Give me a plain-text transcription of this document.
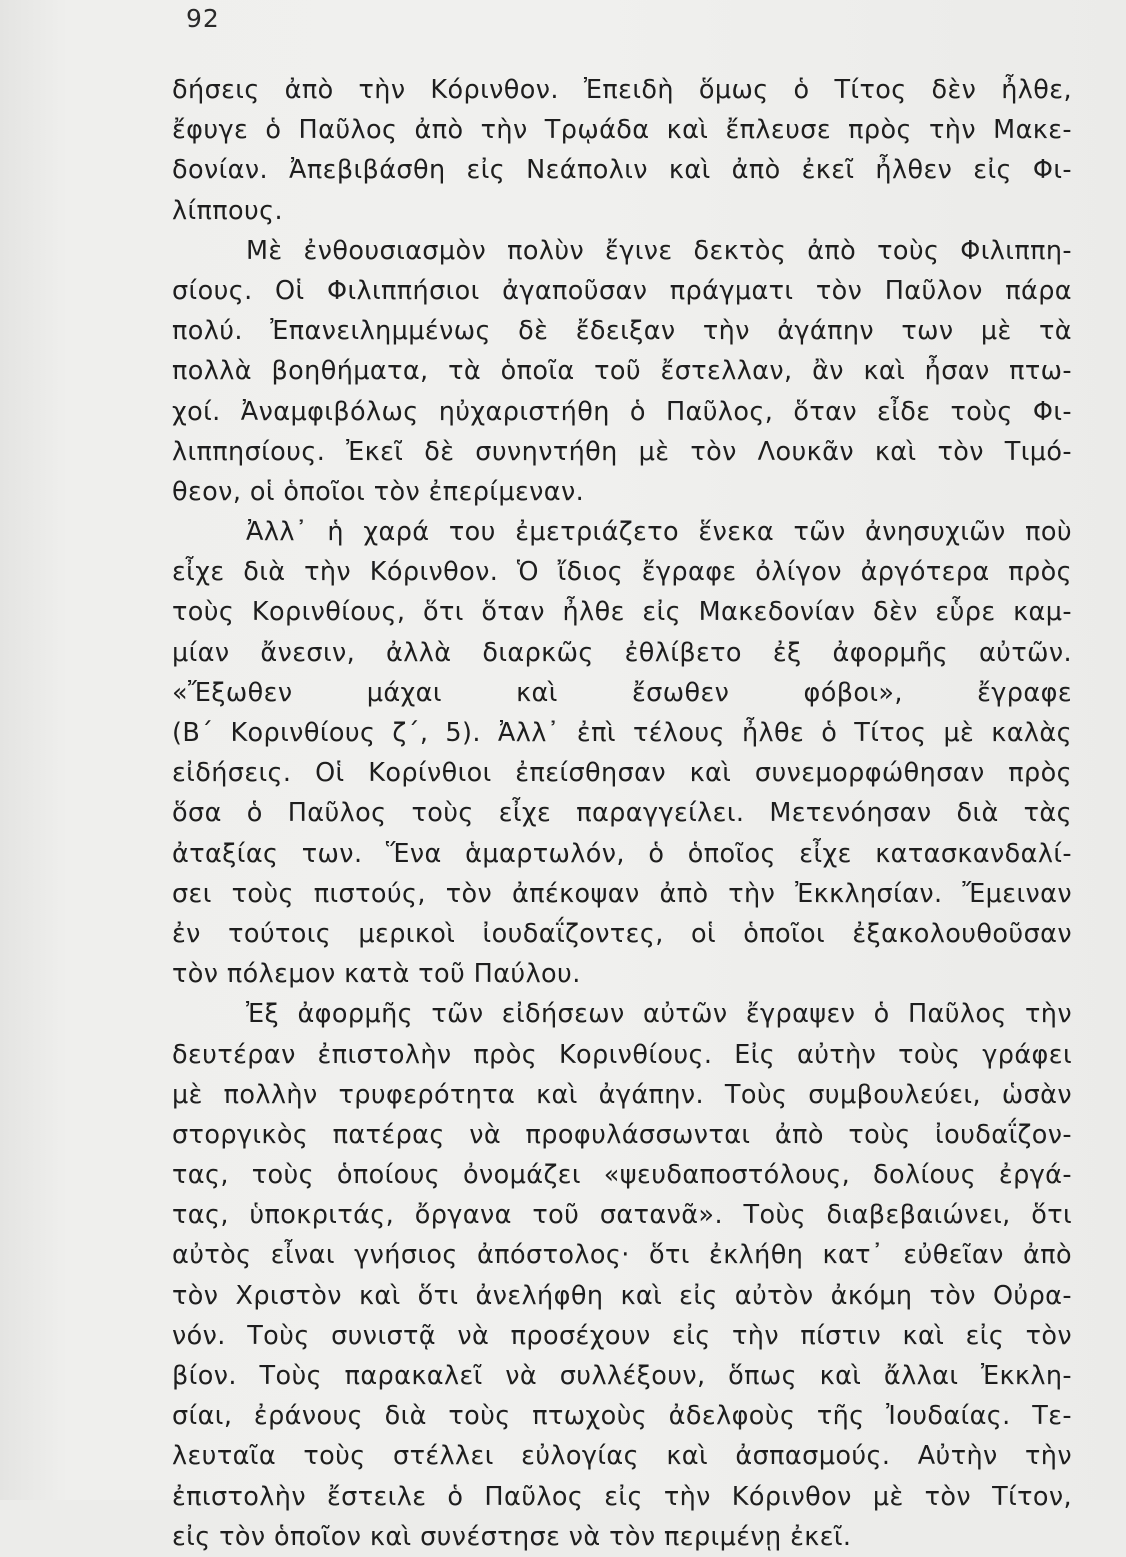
92
δήσεις ἀπὸ τὴν Κόρινθον. Ἐπειδὴ ὅμως ὁ Τίτος δὲν ἦλθε,
ἔφυγε ὁ Παῦλος ἀπὸ τὴν Τρῳάδα καὶ ἔπλευσε πρὸς τὴν Μακε-
δονίαν. Ἀπεβιβάσθη εἰς Νεάπολιν καὶ ἀπὸ ἐκεῖ ἦλθεν εἰς Φι-
λίππους.
Μὲ ἐνθουσιασμὸν πολὺν ἔγινε δεκτὸς ἀπὸ τοὺς Φιλιππη-
σίους. Οἱ Φιλιππήσιοι ἀγαποῦσαν πράγματι τὸν Παῦλον πάρα
πολύ. Ἐπανειλημμένως δὲ ἔδειξαν τὴν ἀγάπην των μὲ τὰ
πολλὰ βοηθήματα, τὰ ὁποῖα τοῦ ἔστελλαν, ἂν καὶ ἦσαν πτω-
χοί. Ἀναμφιβόλως ηὐχαριστήθη ὁ Παῦλος, ὅταν εἶδε τοὺς Φι-
λιππησίους. Ἐκεῖ δὲ συνηντήθη μὲ τὸν Λουκᾶν καὶ τὸν Τιμό-
θεον, οἱ ὁποῖοι τὸν ἐπερίμεναν.
Ἀλλ᾿ ἡ χαρά του ἐμετριάζετο ἕνεκα τῶν ἀνησυχιῶν ποὺ
εἶχε διὰ τὴν Κόρινθον. Ὁ ἴδιος ἔγραφε ὀλίγον ἀργότερα πρὸς
τοὺς Κορινθίους, ὅτι ὅταν ἦλθε εἰς Μακεδονίαν δὲν εὗρε καμ-
μίαν ἄνεσιν, ἀλλὰ διαρκῶς ἐθλίβετο ἐξ ἀφορμῆς αὐτῶν.
«Ἔξωθεν μάχαι καὶ ἔσωθεν φόβοι», ἔγραφε
(Β΄ Κορινθίους ζ΄, 5). Ἀλλ᾿ ἐπὶ τέλους ἦλθε ὁ Τίτος μὲ καλὰς
εἰδήσεις. Οἱ Κορίνθιοι ἐπείσθησαν καὶ συνεμορφώθησαν πρὸς
ὅσα ὁ Παῦλος τοὺς εἶχε παραγγείλει. Μετενόησαν διὰ τὰς
ἀταξίας των. Ἕνα ἁμαρτωλόν, ὁ ὁποῖος εἶχε κατασκανδαλί-
σει τοὺς πιστούς, τὸν ἀπέκοψαν ἀπὸ τὴν Ἐκκλησίαν. Ἔμειναν
ἐν τούτοις μερικοὶ ἰουδαΐζοντες, οἱ ὁποῖοι ἐξακολουθοῦσαν
τὸν πόλεμον κατὰ τοῦ Παύλου.
Ἐξ ἀφορμῆς τῶν εἰδήσεων αὐτῶν ἔγραψεν ὁ Παῦλος τὴν
δευτέραν ἐπιστολὴν πρὸς Κορινθίους. Εἰς αὐτὴν τοὺς γράφει
μὲ πολλὴν τρυφερότητα καὶ ἀγάπην. Τοὺς συμβουλεύει, ὡσὰν
στοργικὸς πατέρας νὰ προφυλάσσωνται ἀπὸ τοὺς ἰουδαΐζον-
τας, τοὺς ὁποίους ὀνομάζει «ψευδαποστόλους, δολίους ἐργά-
τας, ὑποκριτάς, ὄργανα τοῦ σατανᾶ». Τοὺς διαβεβαιώνει, ὅτι
αὐτὸς εἶναι γνήσιος ἀπόστολος· ὅτι ἐκλήθη κατ᾿ εὐθεῖαν ἀπὸ
τὸν Χριστὸν καὶ ὅτι ἀνελήφθη καὶ εἰς αὐτὸν ἀκόμη τὸν Οὐρα-
νόν. Τοὺς συνιστᾷ νὰ προσέχουν εἰς τὴν πίστιν καὶ εἰς τὸν
βίον. Τοὺς παρακαλεῖ νὰ συλλέξουν, ὅπως καὶ ἄλλαι Ἐκκλη-
σίαι, ἐράνους διὰ τοὺς πτωχοὺς ἀδελφοὺς τῆς Ἰουδαίας. Τε-
λευταῖα τοὺς στέλλει εὐλογίας καὶ ἀσπασμούς. Αὐτὴν τὴν
ἐπιστολὴν ἔστειλε ὁ Παῦλος εἰς τὴν Κόρινθον μὲ τὸν Τίτον,
εἰς τὸν ὁποῖον καὶ συνέστησε νὰ τὸν περιμένῃ ἐκεῖ.
